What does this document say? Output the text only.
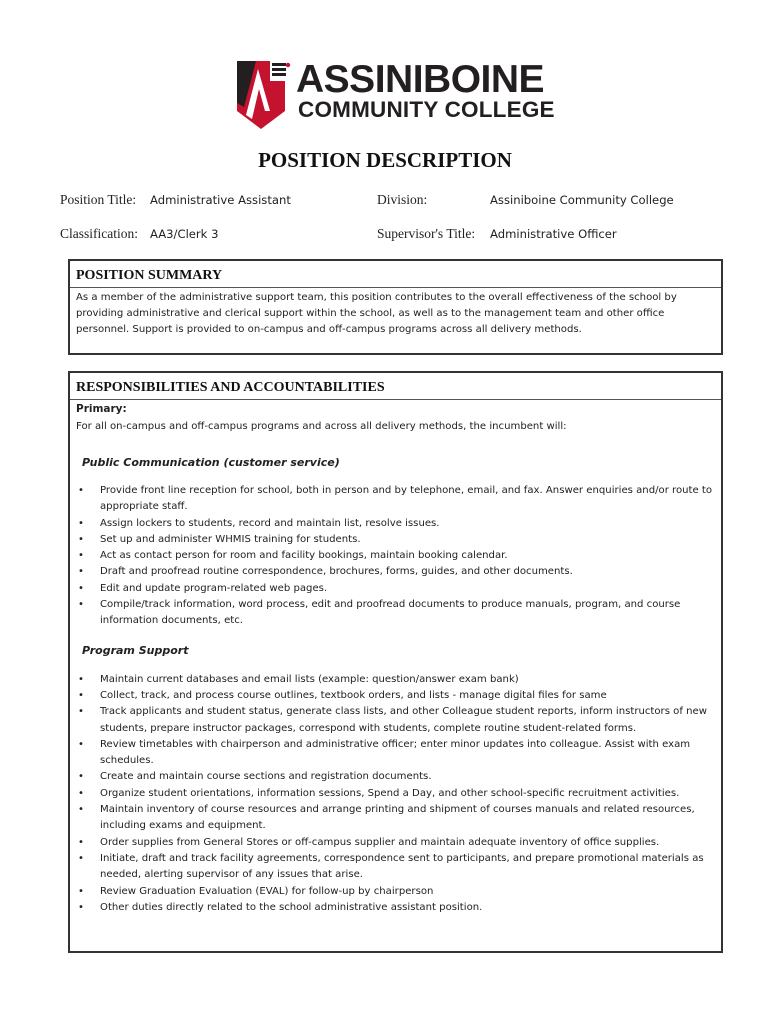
ASSINIBOINE
COMMUNITY COLLEGE
POSITION DESCRIPTION
Position Title: Administrative Assistant	Division:	Assiniboine Community College
Classification: AA3/Clerk 3	Supervisor's Title: Administrative Officer
POSITION SUMMARY
As a member of the administrative support team, this position contributes to the overall effectiveness of the school by providing administrative and clerical support within the school, as well as to the management team and other office personnel. Support is provided to on-campus and off-campus programs across all delivery methods.
RESPONSIBILITIES AND ACCOUNTABILITIES
Primary:
For all on-campus and off-campus programs and across all delivery methods, the incumbent will:
Public Communication (customer service)
• Provide front line reception for school, both in person and by telephone, email, and fax. Answer enquiries and/or route to appropriate staff.
• Assign lockers to students, record and maintain list, resolve issues.
• Set up and administer WHMIS training for students.
• Act as contact person for room and facility bookings, maintain booking calendar.
• Draft and proofread routine correspondence, brochures, forms, guides, and other documents.
• Edit and update program-related web pages.
• Compile/track information, word process, edit and proofread documents to produce manuals, program, and course information documents, etc.
Program Support
• Maintain current databases and email lists (example: question/answer exam bank)
• Collect, track, and process course outlines, textbook orders, and lists - manage digital files for same
• Track applicants and student status, generate class lists, and other Colleague student reports, inform instructors of new students, prepare instructor packages, correspond with students, complete routine student-related forms.
• Review timetables with chairperson and administrative officer; enter minor updates into colleague. Assist with exam schedules.
• Create and maintain course sections and registration documents.
• Organize student orientations, information sessions, Spend a Day, and other school-specific recruitment activities.
• Maintain inventory of course resources and arrange printing and shipment of courses manuals and related resources, including exams and equipment.
• Order supplies from General Stores or off-campus supplier and maintain adequate inventory of office supplies.
• Initiate, draft and track facility agreements, correspondence sent to participants, and prepare promotional materials as needed, alerting supervisor of any issues that arise.
• Review Graduation Evaluation (EVAL) for follow-up by chairperson
• Other duties directly related to the school administrative assistant position.
